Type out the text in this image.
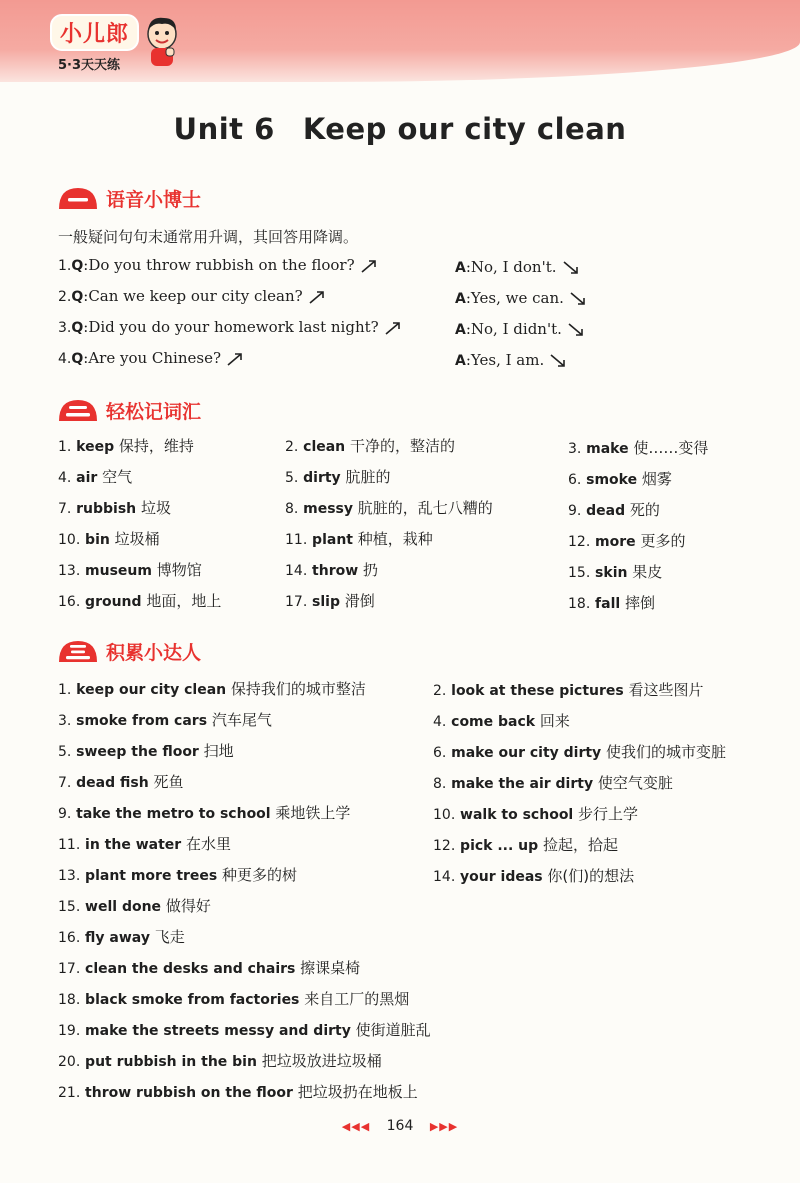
小儿郎
5·3天天练
Unit 6 Keep our city clean
语音小博士
一般疑问句句末通常用升调，其回答用降调。
1.Q:Do you throw rubbish on the floor?	A:No, I don't.
2.Q:Can we keep our city clean?	A:Yes, we can.
3.Q:Did you do your homework last night?	A:No, I didn't.
4.Q:Are you Chinese?	A:Yes, I am.
轻松记词汇
1. keep 保持，维持	2. clean 干净的，整洁的	3. make 使……变得
4. air 空气	5. dirty 肮脏的	6. smoke 烟雾
7. rubbish 垃圾	8. messy 肮脏的，乱七八糟的	9. dead 死的
10. bin 垃圾桶	11. plant 种植，栽种	12. more 更多的
13. museum 博物馆	14. throw 扔	15. skin 果皮
16. ground 地面，地上	17. slip 滑倒	18. fall 摔倒
积累小达人
1. keep our city clean 保持我们的城市整洁
3. smoke from cars 汽车尾气
5. sweep the floor 扫地
7. dead fish 死鱼
9. take the metro to school 乘地铁上学
11. in the water 在水里
13. plant more trees 种更多的树
15. well done 做得好
16. fly away 飞走
17. clean the desks and chairs 擦课桌椅
18. black smoke from factories 来自工厂的黑烟
19. make the streets messy and dirty 使街道脏乱
20. put rubbish in the bin 把垃圾放进垃圾桶
21. throw rubbish on the floor 把垃圾扔在地板上
2. look at these pictures 看这些图片
4. come back 回来
6. make our city dirty 使我们的城市变脏
8. make the air dirty 使空气变脏
10. walk to school 步行上学
12. pick ... up 捡起，拾起
14. your ideas 你(们)的想法
◀◀◀ 164 ▶▶▶
